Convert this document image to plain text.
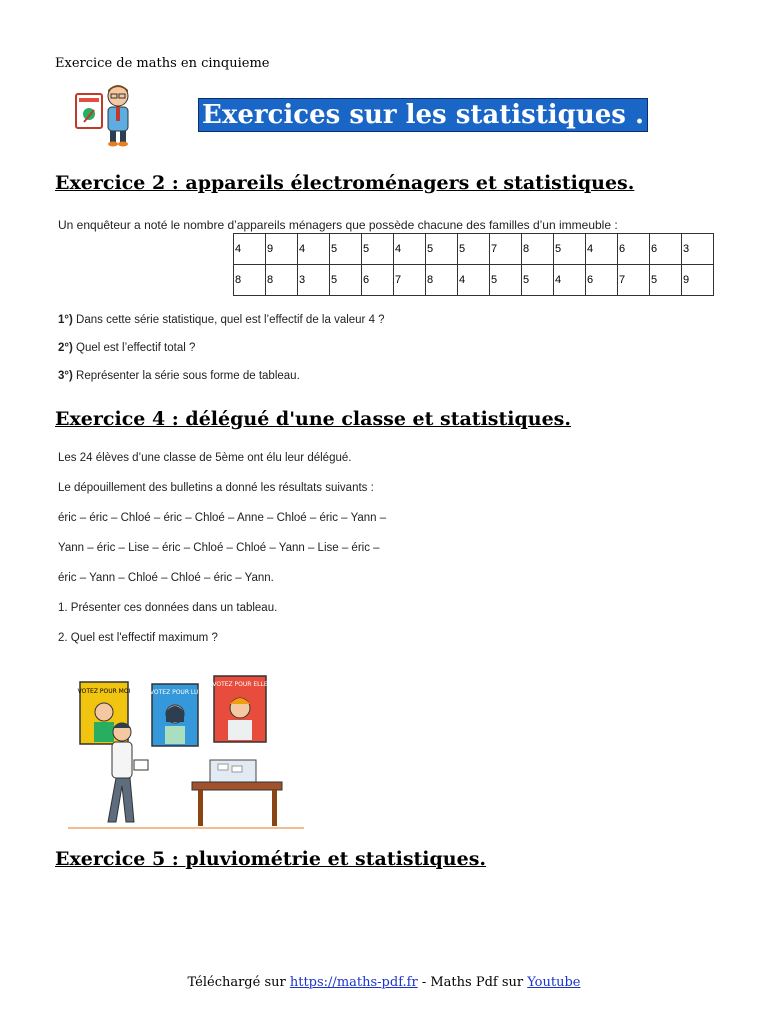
Exercice de maths en cinquieme
Exercices sur les statistiques .
Exercice 2 : appareils électroménagers et statistiques.
Un enquêteur a noté le nombre d’appareils ménagers que possède chacune des familles d’un immeuble :
4	9	4	5	5	4	5	5	7	8	5	4	6	6	3
8	8	3	5	6	7	8	4	5	5	4	6	7	5	9
1°) Dans cette série statistique, quel est l’effectif de la valeur 4 ?
2°) Quel est l’effectif total ?
3°) Représenter la série sous forme de tableau.
Exercice 4 : délégué d'une classe et statistiques.
Les 24 élèves d’une classe de 5ème ont élu leur délégué.
Le dépouillement des bulletins a donné les résultats suivants :
éric – éric – Chloé – éric – Chloé – Anne – Chloé – éric – Yann –
Yann – éric – Lise – éric – Chloé – Chloé – Yann – Lise – éric –
éric – Yann – Chloé – Chloé – éric – Yann.
1. Présenter ces données dans un tableau.
2. Quel est l'effectif maximum ?
VOTEZ POUR MOI	VOTEZ POUR LUI
VOTEZ POUR ELLE
Exercice 5 : pluviométrie et statistiques.
Téléchargé sur https://maths-pdf.fr - Maths Pdf sur Youtube
